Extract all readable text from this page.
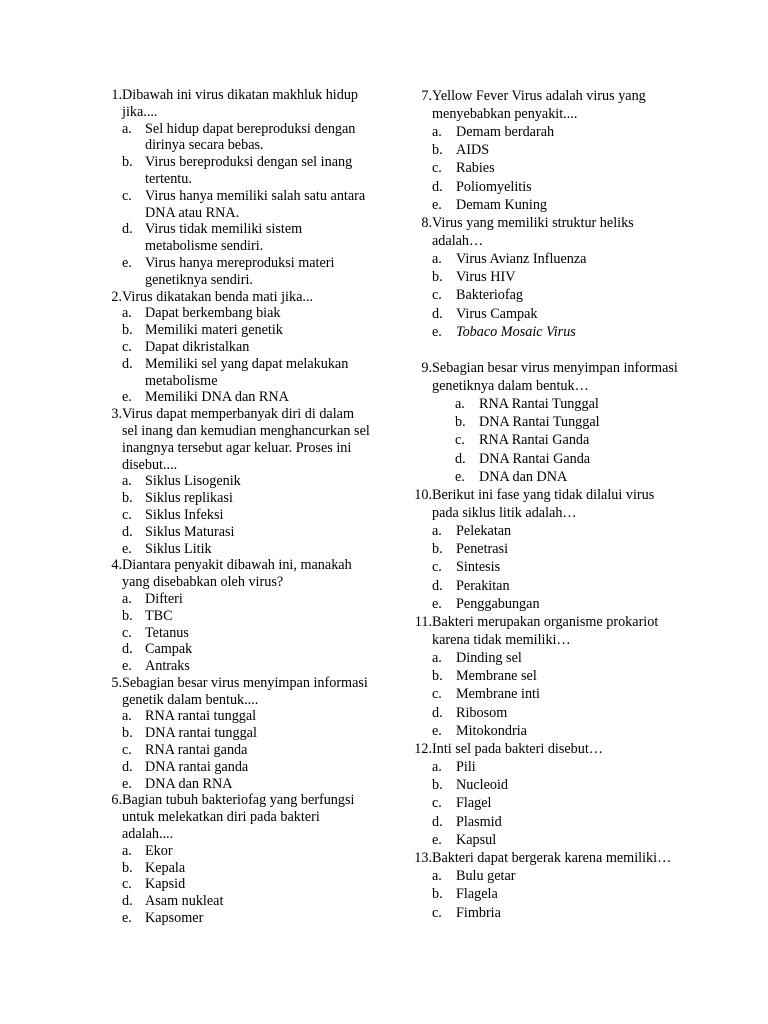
1. Dibawah ini virus dikatan makhluk hidup jika....
a. Sel hidup dapat bereproduksi dengan dirinya secara bebas.
b. Virus bereproduksi dengan sel inang tertentu.
c. Virus hanya memiliki salah satu antara DNA atau RNA.
d. Virus tidak memiliki sistem metabolisme sendiri.
e. Virus hanya mereproduksi materi genetiknya sendiri.
2. Virus dikatakan benda mati jika...
a. Dapat berkembang biak
b. Memiliki materi genetik
c. Dapat dikristalkan
d. Memiliki sel yang dapat melakukan metabolisme
e. Memiliki DNA dan RNA
3. Virus dapat memperbanyak diri di dalam sel inang dan kemudian menghancurkan sel inangnya tersebut agar keluar. Proses ini disebut....
a. Siklus Lisogenik
b. Siklus replikasi
c. Siklus Infeksi
d. Siklus Maturasi
e. Siklus Litik
4. Diantara penyakit dibawah ini, manakah yang disebabkan oleh virus?
a. Difteri
b. TBC
c. Tetanus
d. Campak
e. Antraks
5. Sebagian besar virus menyimpan informasi genetik dalam bentuk....
a. RNA rantai tunggal
b. DNA rantai tunggal
c. RNA rantai ganda
d. DNA rantai ganda
e. DNA dan RNA
6. Bagian tubuh bakteriofag yang berfungsi untuk melekatkan diri pada bakteri adalah....
a. Ekor
b. Kepala
c. Kapsid
d. Asam nukleat
e. Kapsomer
7. Yellow Fever Virus adalah virus yang menyebabkan penyakit....
a. Demam berdarah
b. AIDS
c. Rabies
d. Poliomyelitis
e. Demam Kuning
8. Virus yang memiliki struktur heliks adalah…
a. Virus Avianz Influenza
b. Virus HIV
c. Bakteriofag
d. Virus Campak
e. Tobaco Mosaic Virus
9. Sebagian besar virus menyimpan informasi genetiknya dalam bentuk…
a. RNA Rantai Tunggal
b. DNA Rantai Tunggal
c. RNA Rantai Ganda
d. DNA Rantai Ganda
e. DNA dan DNA
10. Berikut ini fase yang tidak dilalui virus pada siklus litik adalah…
a. Pelekatan
b. Penetrasi
c. Sintesis
d. Perakitan
e. Penggabungan
11. Bakteri merupakan organisme prokariot karena tidak memiliki…
a. Dinding sel
b. Membrane sel
c. Membrane inti
d. Ribosom
e. Mitokondria
12. Inti sel pada bakteri disebut…
a. Pili
b. Nucleoid
c. Flagel
d. Plasmid
e. Kapsul
13. Bakteri dapat bergerak karena memiliki…
a. Bulu getar
b. Flagela
c. Fimbria
